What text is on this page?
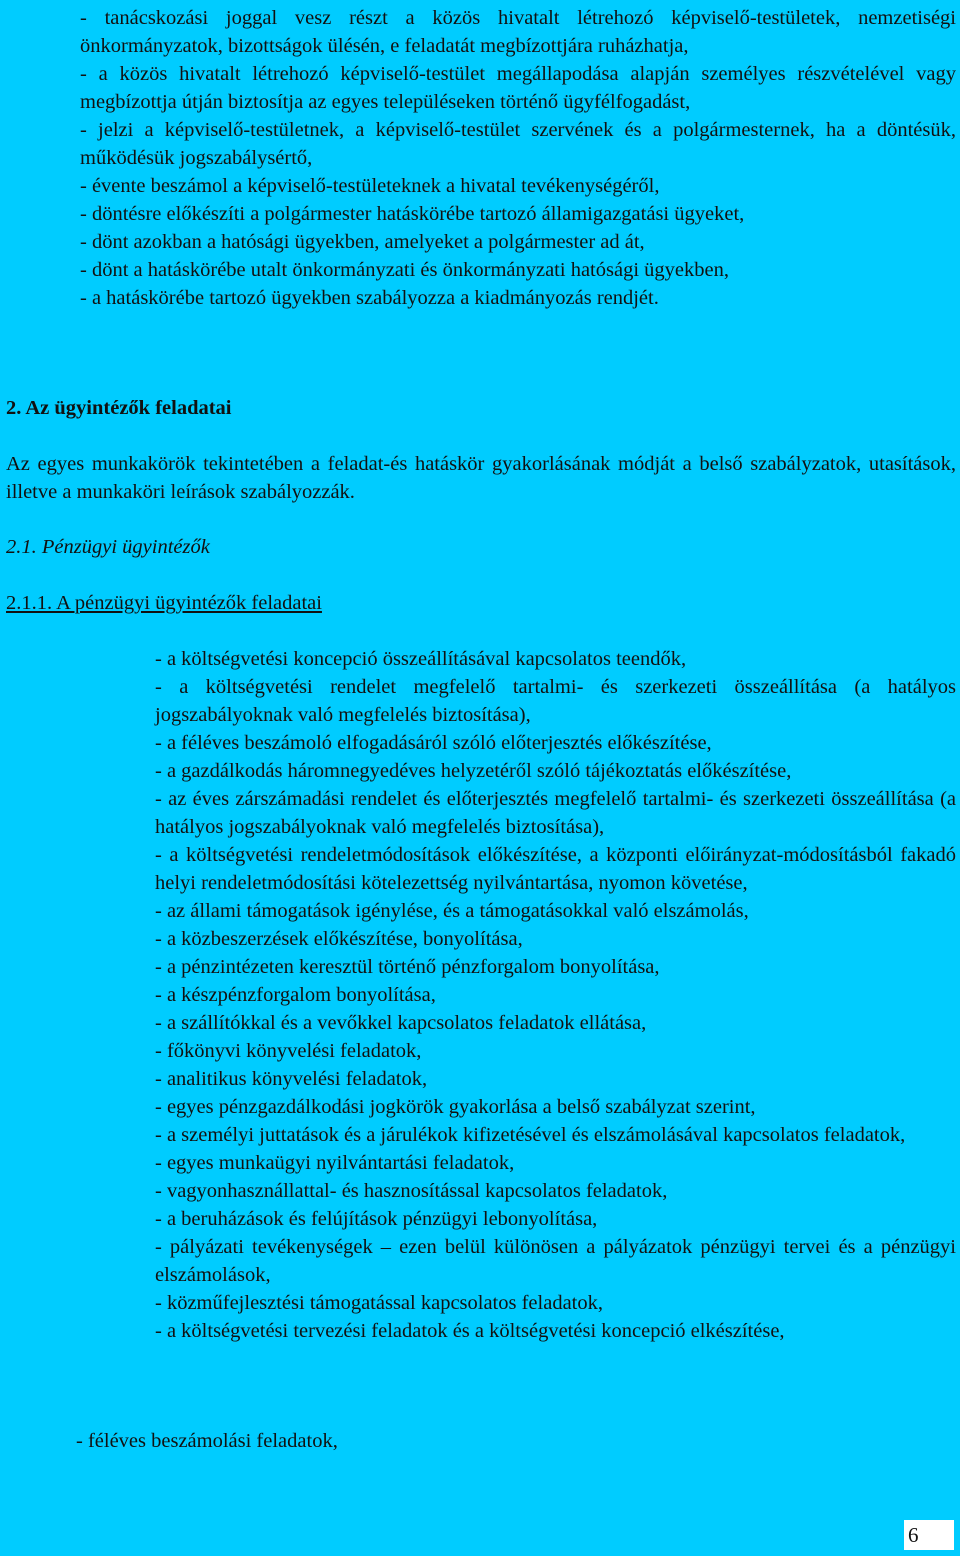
- tanácskozási joggal vesz részt a közös hivatalt létrehozó képviselő-testületek, nemzetiségi önkormányzatok, bizottságok ülésén, e feladatát megbízottjára ruházhatja,

- a közös hivatalt létrehozó képviselő-testület megállapodása alapján személyes részvételével vagy megbízottja útján biztosítja az egyes településeken történő ügyfélfogadást,

- jelzi a képviselő-testületnek, a képviselő-testület szervének és a polgármesternek, ha a döntésük, működésük jogszabálysértő,

- évente beszámol a képviselő-testületeknek a hivatal tevékenységéről,

- döntésre előkészíti a polgármester hatáskörébe tartozó államigazgatási ügyeket,

- dönt azokban a hatósági ügyekben, amelyeket a polgármester ad át,

- dönt a hatáskörébe utalt önkormányzati és önkormányzati hatósági ügyekben,

- a hatáskörébe tartozó ügyekben szabályozza a kiadmányozás rendjét.

2. Az ügyintézők feladatai

Az egyes munkakörök tekintetében a feladat-és hatáskör gyakorlásának módját a belső szabályzatok, utasítások, illetve a munkaköri leírások szabályozzák.

2.1. Pénzügyi ügyintézők
2.1.1. A pénzügyi ügyintézők feladatai

- a költségvetési koncepció összeállításával kapcsolatos teendők,

- a költségvetési rendelet megfelelő tartalmi- és szerkezeti összeállítása (a hatályos jogszabályoknak való megfelelés biztosítása),

- a féléves beszámoló elfogadásáról szóló előterjesztés előkészítése,

- a gazdálkodás háromnegyedéves helyzetéről szóló tájékoztatás előkészítése,

- az éves zárszámadási rendelet és előterjesztés megfelelő tartalmi- és szerkezeti összeállítása (a hatályos jogszabályoknak való megfelelés biztosítása),

- a költségvetési rendeletmódosítások előkészítése, a központi előirányzat-módosításból fakadó helyi rendeletmódosítási kötelezettség nyilvántartása, nyomon követése,

- az állami támogatások igénylése, és a támogatásokkal való elszámolás,

- a közbeszerzések előkészítése, bonyolítása,

- a pénzintézeten keresztül történő pénzforgalom bonyolítása,

- a készpénzforgalom bonyolítása,

- a szállítókkal és a vevőkkel kapcsolatos feladatok ellátása,

- főkönyvi könyvelési feladatok,

- analitikus könyvelési feladatok,

- egyes pénzgazdálkodási jogkörök gyakorlása a belső szabályzat szerint,

- a személyi juttatások és a járulékok kifizetésével és elszámolásával kapcsolatos feladatok,

- egyes munkaügyi nyilvántartási feladatok,

- vagyonhasznállattal- és hasznosítással kapcsolatos feladatok,

- a beruházások és felújítások pénzügyi lebonyolítása,

- pályázati tevékenységek – ezen belül különösen a pályázatok pénzügyi tervei és a pénzügyi elszámolások,

- közműfejlesztési támogatással kapcsolatos feladatok,

- a költségvetési tervezési feladatok és a költségvetési koncepció elkészítése,

- féléves beszámolási feladatok,
6
